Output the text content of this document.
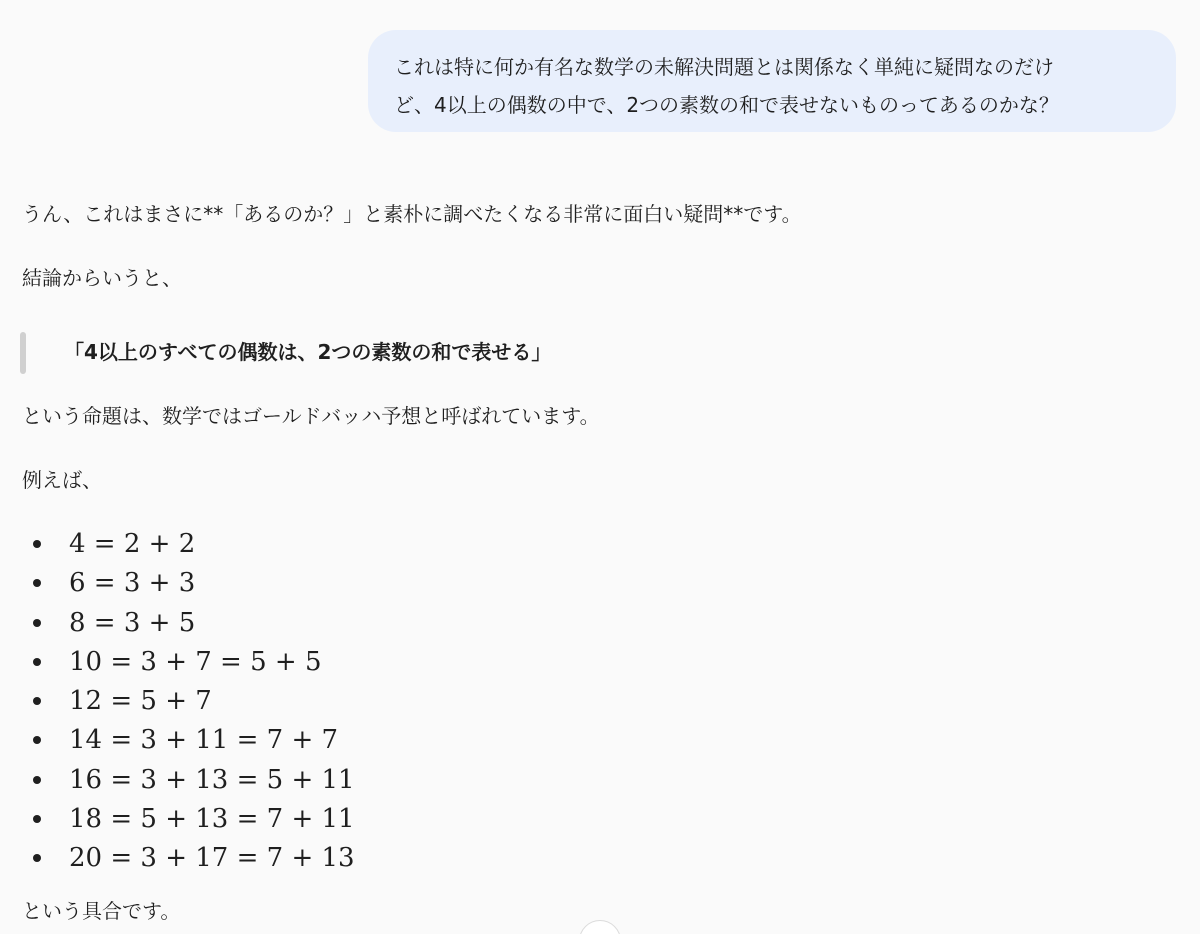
これは特に何か有名な数学の未解決問題とは関係なく単純に疑問なのだけ
ど、4以上の偶数の中で、2つの素数の和で表せないものってあるのかな？
うん、これはまさに**「あるのか？」と素朴に調べたくなる非常に面白い疑問**です。
結論からいうと、
「4以上のすべての偶数は、2つの素数の和で表せる」
という命題は、数学ではゴールドバッハ予想と呼ばれています。
例えば、
4 = 2 + 2
6 = 3 + 3
8 = 3 + 5
10 = 3 + 7 = 5 + 5
12 = 5 + 7
14 = 3 + 11 = 7 + 7
16 = 3 + 13 = 5 + 11
18 = 5 + 13 = 7 + 11
20 = 3 + 17 = 7 + 13
という具合です。
